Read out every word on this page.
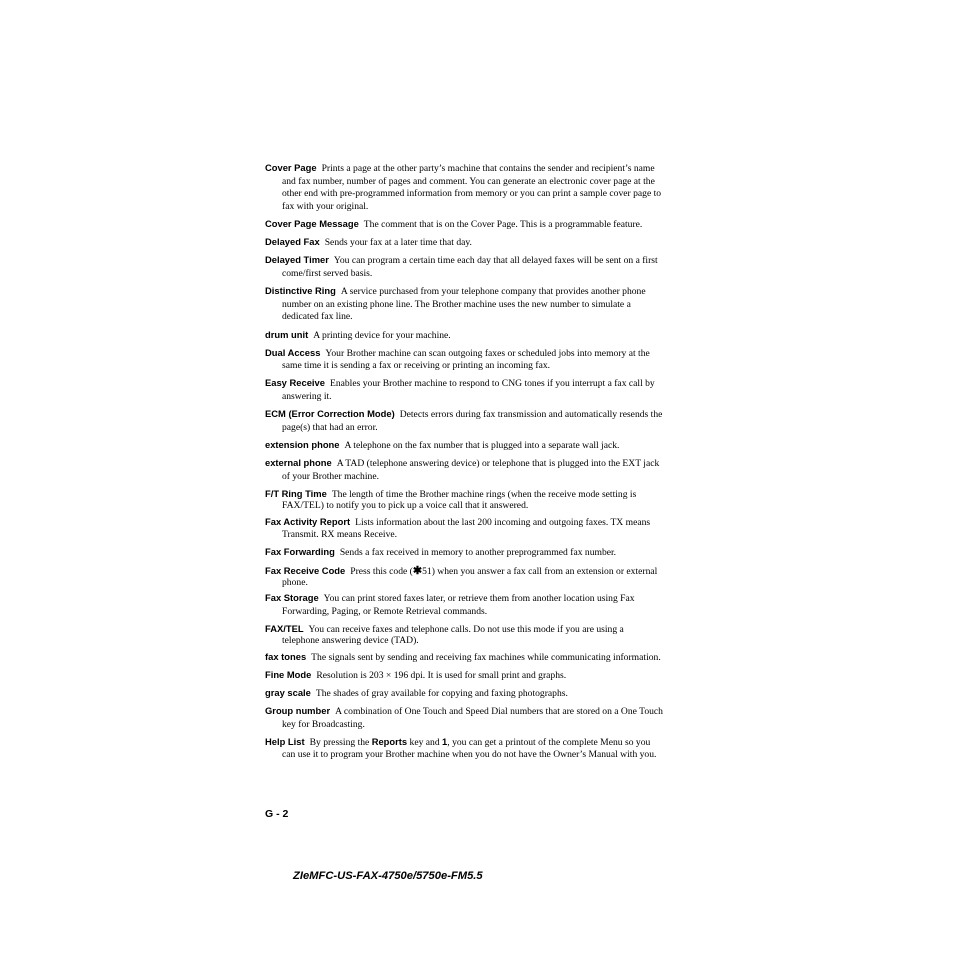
Cover Page Prints a page at the other party’s machine that contains the sender and recipient’s name and fax number, number of pages and comment. You can generate an electronic cover page at the other end with pre-programmed information from memory or you can print a sample cover page to fax with your original.

Cover Page Message The comment that is on the Cover Page. This is a programmable feature.

Delayed Fax Sends your fax at a later time that day.

Delayed Timer You can program a certain time each day that all delayed faxes will be sent on a first come/first served basis.

Distinctive Ring A service purchased from your telephone company that provides another phone number on an existing phone line. The Brother machine uses the new number to simulate a dedicated fax line.

drum unit A printing device for your machine.

Dual Access Your Brother machine can scan outgoing faxes or scheduled jobs into memory at the same time it is sending a fax or receiving or printing an incoming fax.

Easy Receive Enables your Brother machine to respond to CNG tones if you interrupt a fax call by answering it.

ECM (Error Correction Mode) Detects errors during fax transmission and automatically resends the page(s) that had an error.

extension phone A telephone on the fax number that is plugged into a separate wall jack.

external phone A TAD (telephone answering device) or telephone that is plugged into the EXT jack of your Brother machine.

F/T Ring Time The length of time the Brother machine rings (when the receive mode setting is FAX/TEL) to notify you to pick up a voice call that it answered.

Fax Activity Report Lists information about the last 200 incoming and outgoing faxes. TX means Transmit. RX means Receive.

Fax Forwarding Sends a fax received in memory to another preprogrammed fax number.

Fax Receive Code Press this code (✱51) when you answer a fax call from an extension or external phone.

Fax Storage You can print stored faxes later, or retrieve them from another location using Fax Forwarding, Paging, or Remote Retrieval commands.

FAX/TEL You can receive faxes and telephone calls. Do not use this mode if you are using a telephone answering device (TAD).

fax tones The signals sent by sending and receiving fax machines while communicating information.

Fine Mode Resolution is 203 × 196 dpi. It is used for small print and graphs.

gray scale The shades of gray available for copying and faxing photographs.

Group number A combination of One Touch and Speed Dial numbers that are stored on a One Touch key for Broadcasting.

Help List By pressing the Reports key and 1, you can get a printout of the complete Menu so you can use it to program your Brother machine when you do not have the Owner’s Manual with you.

G - 2
ZIeMFC-US-FAX-4750e/5750e-FM5.5
